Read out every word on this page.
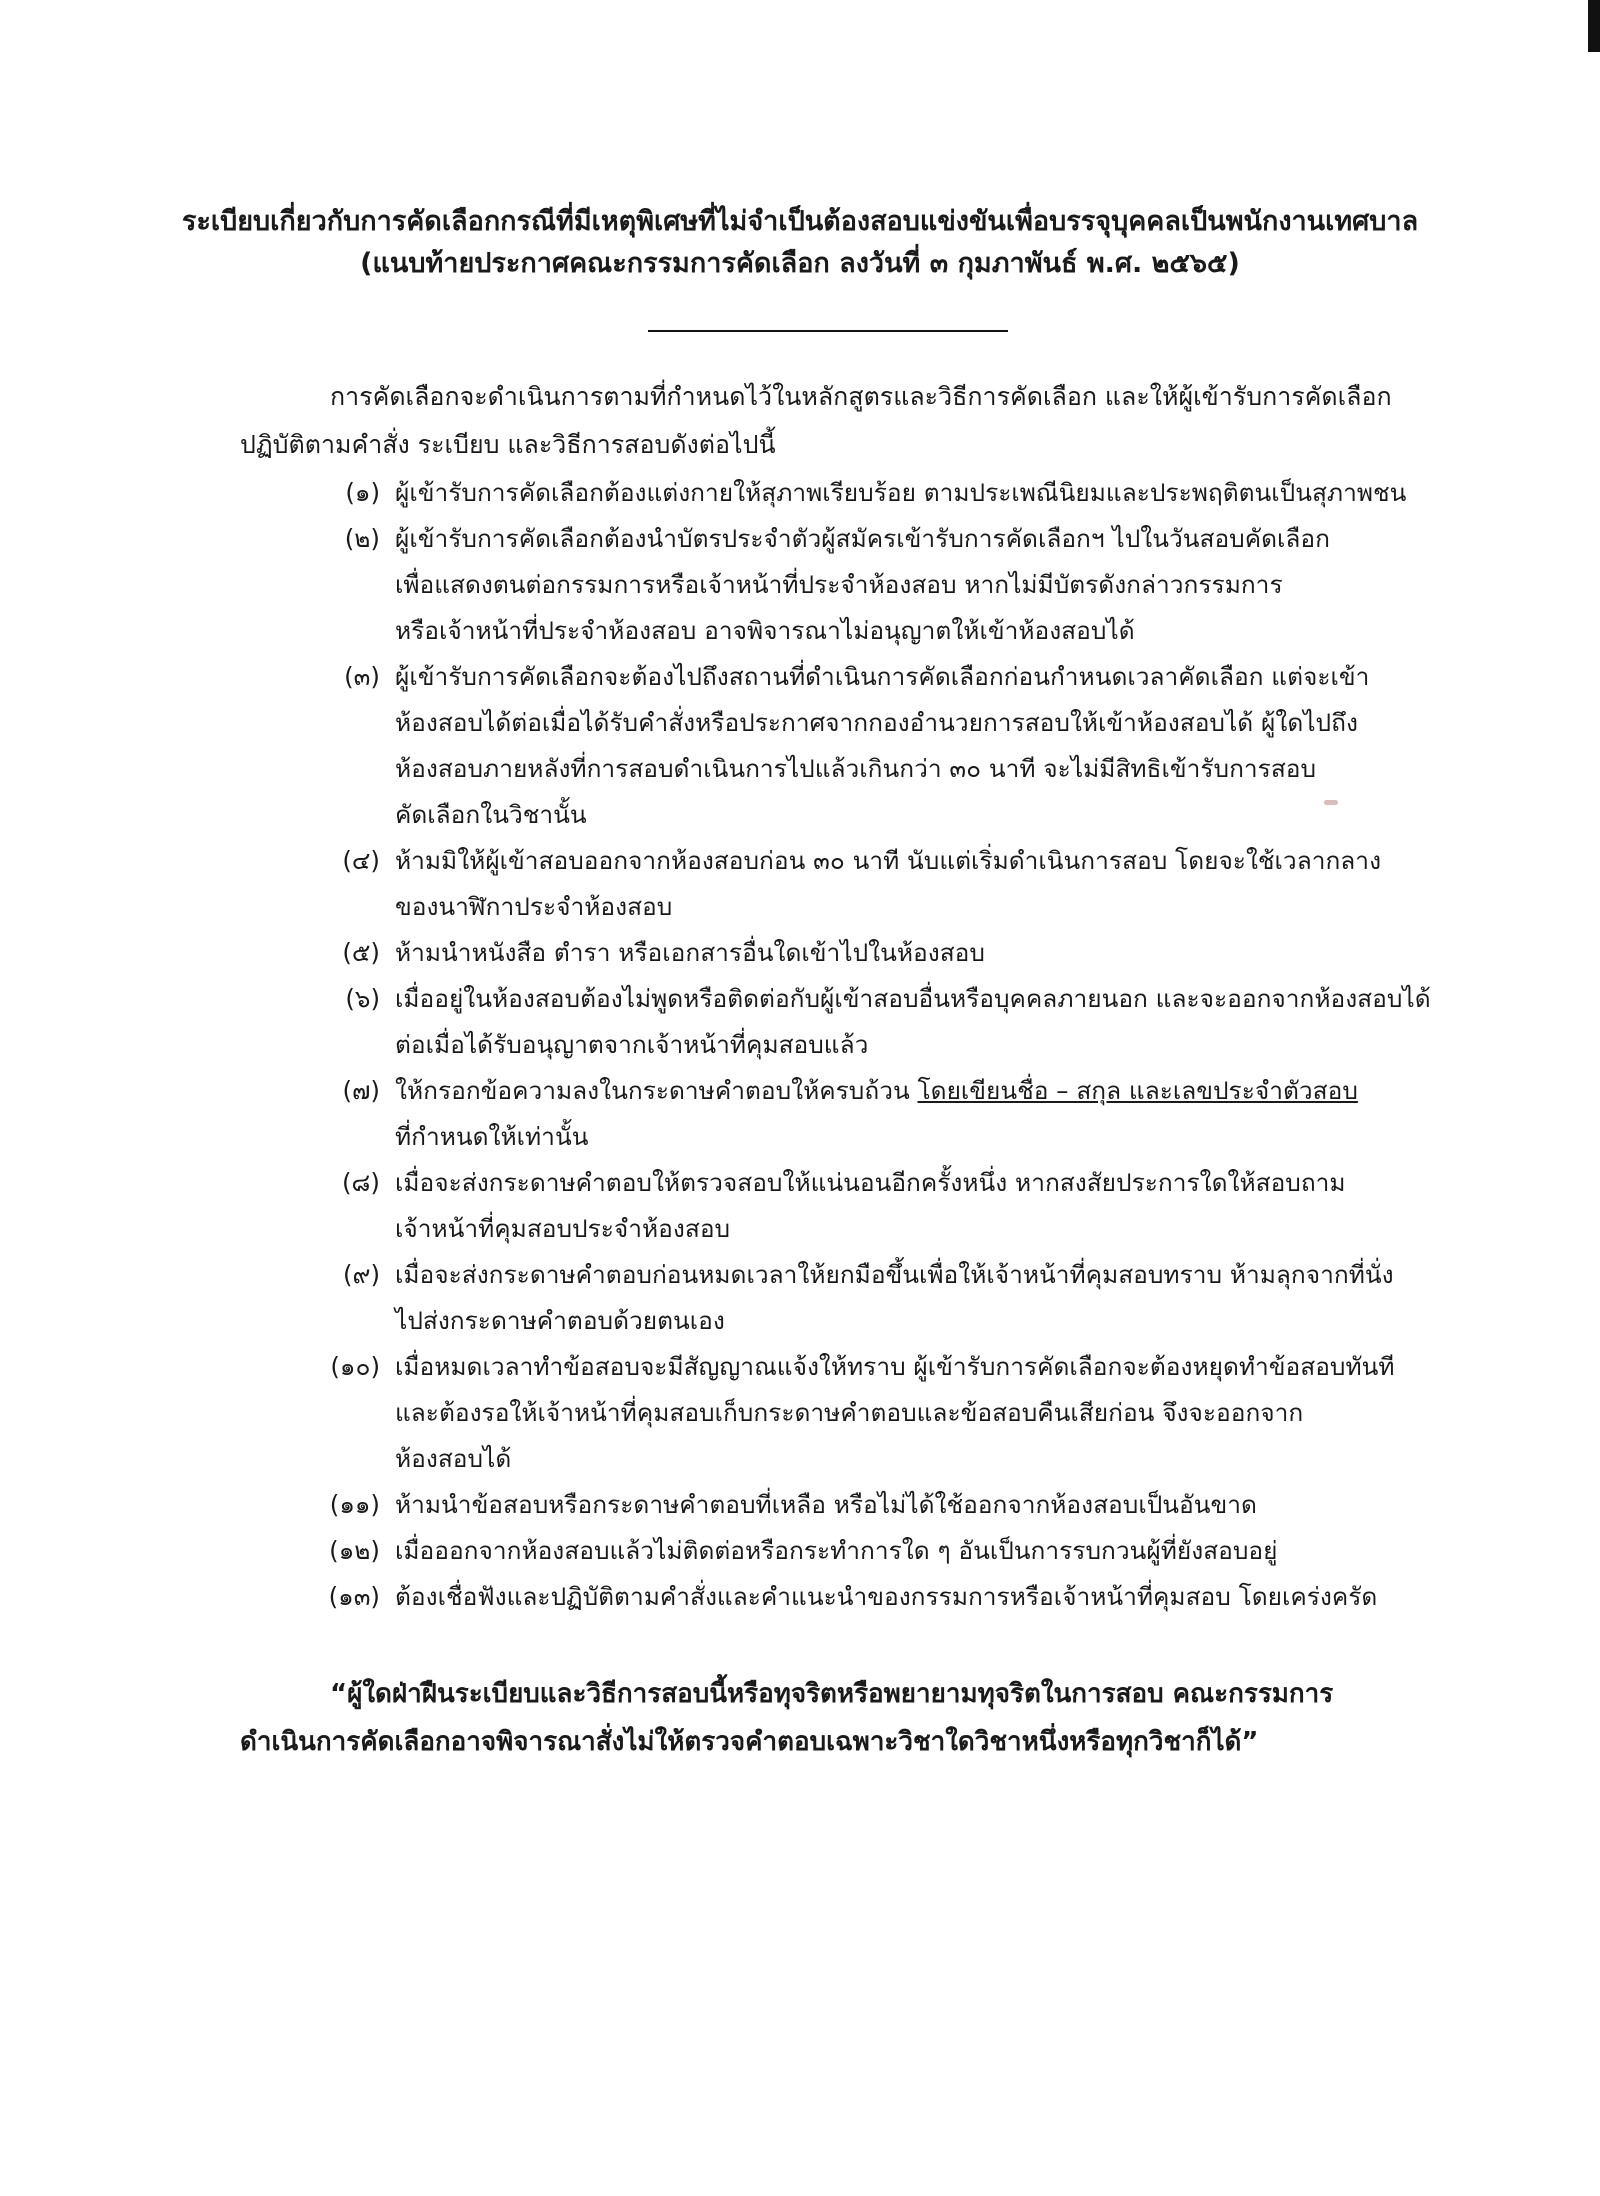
ระเบียบเกี่ยวกับการคัดเลือกกรณีที่มีเหตุพิเศษที่ไม่จำเป็นต้องสอบแข่งขันเพื่อบรรจุบุคคลเป็นพนักงานเทศบาล
(แนบท้ายประกาศคณะกรรมการคัดเลือก ลงวันที่ ๓ กุมภาพันธ์ พ.ศ. ๒๕๖๕)
การคัดเลือกจะดำเนินการตามที่กำหนดไว้ในหลักสูตรและวิธีการคัดเลือก และให้ผู้เข้ารับการคัดเลือก
ปฏิบัติตามคำสั่ง ระเบียบ และวิธีการสอบดังต่อไปนี้
(๑) ผู้เข้ารับการคัดเลือกต้องแต่งกายให้สุภาพเรียบร้อย ตามประเพณีนิยมและประพฤติตนเป็นสุภาพชน
(๒) ผู้เข้ารับการคัดเลือกต้องนำบัตรประจำตัวผู้สมัครเข้ารับการคัดเลือกฯ ไปในวันสอบคัดเลือก
เพื่อแสดงตนต่อกรรมการหรือเจ้าหน้าที่ประจำห้องสอบ หากไม่มีบัตรดังกล่าวกรรมการ
หรือเจ้าหน้าที่ประจำห้องสอบ อาจพิจารณาไม่อนุญาตให้เข้าห้องสอบได้
(๓) ผู้เข้ารับการคัดเลือกจะต้องไปถึงสถานที่ดำเนินการคัดเลือกก่อนกำหนดเวลาคัดเลือก แต่จะเข้า
ห้องสอบได้ต่อเมื่อได้รับคำสั่งหรือประกาศจากกองอำนวยการสอบให้เข้าห้องสอบได้ ผู้ใดไปถึง
ห้องสอบภายหลังที่การสอบดำเนินการไปแล้วเกินกว่า ๓๐ นาที จะไม่มีสิทธิเข้ารับการสอบ
คัดเลือกในวิชานั้น
(๔) ห้ามมิให้ผู้เข้าสอบออกจากห้องสอบก่อน ๓๐ นาที นับแต่เริ่มดำเนินการสอบ โดยจะใช้เวลากลาง
ของนาฬิกาประจำห้องสอบ
(๕) ห้ามนำหนังสือ ตำรา หรือเอกสารอื่นใดเข้าไปในห้องสอบ
(๖) เมื่ออยู่ในห้องสอบต้องไม่พูดหรือติดต่อกับผู้เข้าสอบอื่นหรือบุคคลภายนอก และจะออกจากห้องสอบได้
ต่อเมื่อได้รับอนุญาตจากเจ้าหน้าที่คุมสอบแล้ว
(๗) ให้กรอกข้อความลงในกระดาษคำตอบให้ครบถ้วน โดยเขียนชื่อ – สกุล และเลขประจำตัวสอบ
ที่กำหนดให้เท่านั้น
(๘) เมื่อจะส่งกระดาษคำตอบให้ตรวจสอบให้แน่นอนอีกครั้งหนึ่ง หากสงสัยประการใดให้สอบถาม
เจ้าหน้าที่คุมสอบประจำห้องสอบ
(๙) เมื่อจะส่งกระดาษคำตอบก่อนหมดเวลาให้ยกมือขึ้นเพื่อให้เจ้าหน้าที่คุมสอบทราบ ห้ามลุกจากที่นั่ง
ไปส่งกระดาษคำตอบด้วยตนเอง
(๑๐) เมื่อหมดเวลาทำข้อสอบจะมีสัญญาณแจ้งให้ทราบ ผู้เข้ารับการคัดเลือกจะต้องหยุดทำข้อสอบทันที
และต้องรอให้เจ้าหน้าที่คุมสอบเก็บกระดาษคำตอบและข้อสอบคืนเสียก่อน จึงจะออกจาก
ห้องสอบได้
(๑๑) ห้ามนำข้อสอบหรือกระดาษคำตอบที่เหลือ หรือไม่ได้ใช้ออกจากห้องสอบเป็นอันขาด
(๑๒) เมื่อออกจากห้องสอบแล้วไม่ติดต่อหรือกระทำการใด ๆ อันเป็นการรบกวนผู้ที่ยังสอบอยู่
(๑๓) ต้องเชื่อฟังและปฏิบัติตามคำสั่งและคำแนะนำของกรรมการหรือเจ้าหน้าที่คุมสอบ โดยเคร่งครัด
“ผู้ใดฝ่าฝืนระเบียบและวิธีการสอบนี้หรือทุจริตหรือพยายามทุจริตในการสอบ คณะกรรมการ
ดำเนินการคัดเลือกอาจพิจารณาสั่งไม่ให้ตรวจคำตอบเฉพาะวิชาใดวิชาหนึ่งหรือทุกวิชาก็ได้”
